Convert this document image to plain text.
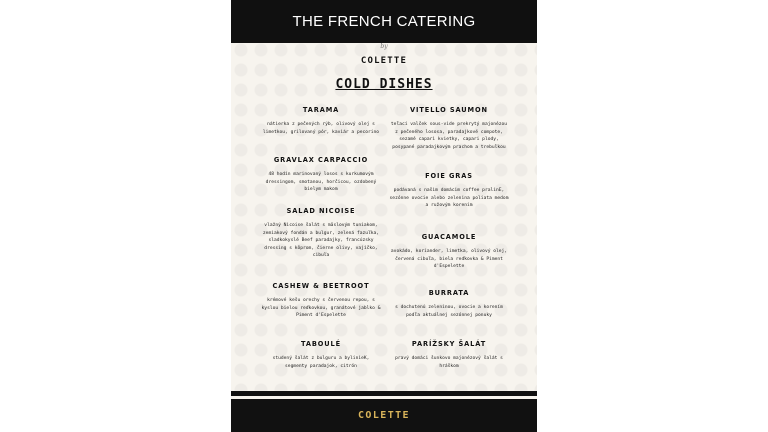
THE FRENCH CATERING
by
COLETTE
COLD DISHES
TARAMA
nátierka z pečených rýb, olivový olej s limetkou, grilovaný pór, kaviár a pecorino
GRAVLAX CARPACCIO
48 hodín marinovaný losos s kurkumovým dressingom, smotanou, horčicou, ozdobený bielym makom
SALAD NICOISE
vlažný Nicoise šalát s mäslovým tuniakom, zemiakový fondán a bulgur, zelená fazuľka, sladkokyslé Beef paradajky, francúzsky dressing s kôprom, čierne olivy, vajíčko, cibuľa
CASHEW & BEETROOT
krémové kešu orechy s červenou repou, s kyslou bielou reďkovkou, granátové jablko & Piment d'Espelette
TABOULÉ
studený šalát z bulguru a bylinieK, segmenty paradajok, citrón
VITELLO SAUMON
teľací valček sous-vide prekrytý majonézou z pečeného lososa, paradajkové compote, sezamé capari kvietky, capari plody, posypané paradajkovým prachom a trebuľkou
FOIE GRAS
podávaná s našim domácim coffee pralinE, sezónne ovocie alebo zelenina poliata medom a ružovým korenim
GUACAMOLE
avokádo, koriander, limetka, olivový olej, červená cibuľa, biela reďkovka & Piment d'Espelette
BURRATA
s dochutenú zeleninou, ovocie a korením podľa aktuálnej sezónnej ponuky
PARÍŽSKY ŠALÁT
pravý domáci šunkovo majonézový šalát s hráškom
COLETTE
